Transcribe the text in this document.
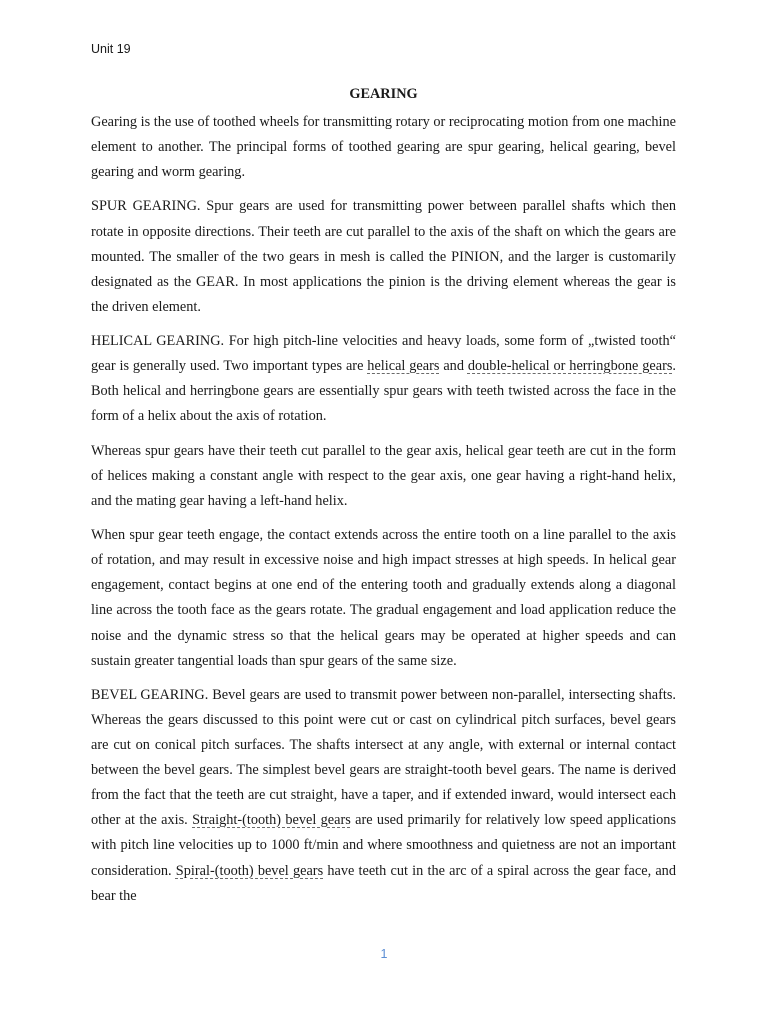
Unit 19
GEARING

Gearing is the use of toothed wheels for transmitting rotary or reciprocating motion from one machine element to another. The principal forms of toothed gearing are spur gearing, helical gearing, bevel gearing and worm gearing.

SPUR GEARING. Spur gears are used for transmitting power between parallel shafts which then rotate in opposite directions. Their teeth are cut parallel to the axis of the shaft on which the gears are mounted. The smaller of the two gears in mesh is called the PINION, and the larger is customarily designated as the GEAR. In most applications the pinion is the driving element whereas the gear is the driven element.

HELICAL GEARING. For high pitch-line velocities and heavy loads, some form of „twisted tooth“ gear is generally used. Two important types are helical gears and double-helical or herringbone gears. Both helical and herringbone gears are essentially spur gears with teeth twisted across the face in the form of a helix about the axis of rotation.

Whereas spur gears have their teeth cut parallel to the gear axis, helical gear teeth are cut in the form of helices making a constant angle with respect to the gear axis, one gear having a right-hand helix, and the mating gear having a left-hand helix.

When spur gear teeth engage, the contact extends across the entire tooth on a line parallel to the axis of rotation, and may result in excessive noise and high impact stresses at high speeds. In helical gear engagement, contact begins at one end of the entering tooth and gradually extends along a diagonal line across the tooth face as the gears rotate. The gradual engagement and load application reduce the noise and the dynamic stress so that the helical gears may be operated at higher speeds and can sustain greater tangential loads than spur gears of the same size.

BEVEL GEARING. Bevel gears are used to transmit power between non-parallel, intersecting shafts. Whereas the gears discussed to this point were cut or cast on cylindrical pitch surfaces, bevel gears are cut on conical pitch surfaces. The shafts intersect at any angle, with external or internal contact between the bevel gears. The simplest bevel gears are straight-tooth bevel gears. The name is derived from the fact that the teeth are cut straight, have a taper, and if extended inward, would intersect each other at the axis. Straight-(tooth) bevel gears are used primarily for relatively low speed applications with pitch line velocities up to 1000 ft/min and where smoothness and quietness are not an important consideration. Spiral-(tooth) bevel gears have teeth cut in the arc of a spiral across the gear face, and bear the

1
